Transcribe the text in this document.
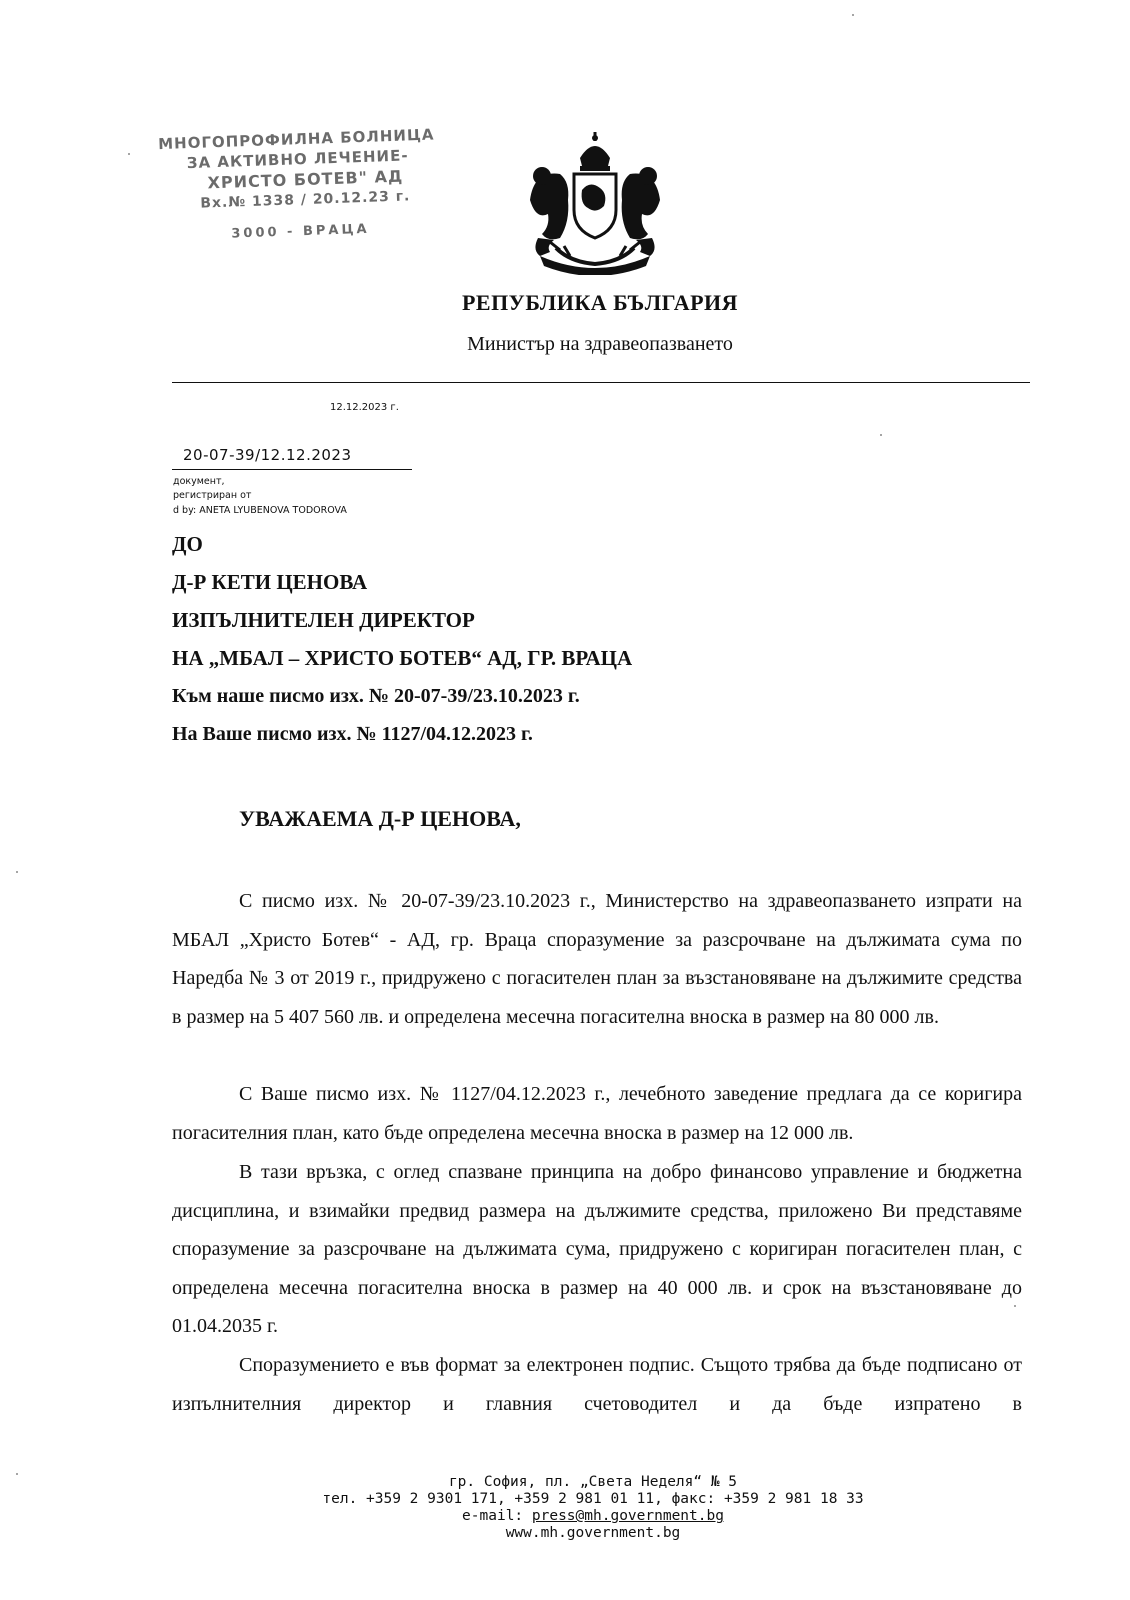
МНОГОПРОФИЛНА БОЛНИЦА
ЗА АКТИВНО ЛЕЧЕНИЕ-
ХРИСТО БОТЕВ" АД
Вх.№ 1338 / 20.12.23 г.
3000 - ВРАЦА
РЕПУБЛИКА БЪЛГАРИЯ
Министър на здравеопазването
12.12.2023 г.
20-07-39/12.12.2023
документ,
регистриран от
d by: ANETA LYUBENOVA TODOROVA
ДО
Д-Р КЕТИ ЦЕНОВА
ИЗПЪЛНИТЕЛЕН ДИРЕКТОР
НА „МБАЛ – ХРИСТО БОТЕВ“ АД, ГР. ВРАЦА
Към наше писмо изх. № 20-07-39/23.10.2023 г.
На Ваше писмо изх. № 1127/04.12.2023 г.
УВАЖАЕМА Д-Р ЦЕНОВА,
С писмо изх. № 20-07-39/23.10.2023 г., Министерство на здравеопазването изпрати на МБАЛ „Христо Ботев“ - АД, гр. Враца споразумение за разсрочване на дължимата сума по Наредба № 3 от 2019 г., придружено с погасителен план за възстановяване на дължимите средства в размер на 5 407 560 лв. и определена месечна погасителна вноска в размер на 80 000 лв.
С Ваше писмо изх. № 1127/04.12.2023 г., лечебното заведение предлага да се коригира погасителния план, като бъде определена месечна вноска в размер на 12 000 лв.
В тази връзка, с оглед спазване принципа на добро финансово управление и бюджетна дисциплина, и взимайки предвид размера на дължимите средства, приложено Ви представяме споразумение за разсрочване на дължимата сума, придружено с коригиран погасителен план, с определена месечна погасителна вноска в размер на 40 000 лв. и срок на възстановяване до 01.04.2035 г.
Споразумението е във формат за електронен подпис. Същото трябва да бъде подписано от изпълнителния директор и главния счетоводител и да бъде изпратено в
гр. София, пл. „Света Неделя“ № 5
тел. +359 2 9301 171, +359 2 981 01 11, факс: +359 2 981 18 33
e-mail: press@mh.government.bg
www.mh.government.bg
